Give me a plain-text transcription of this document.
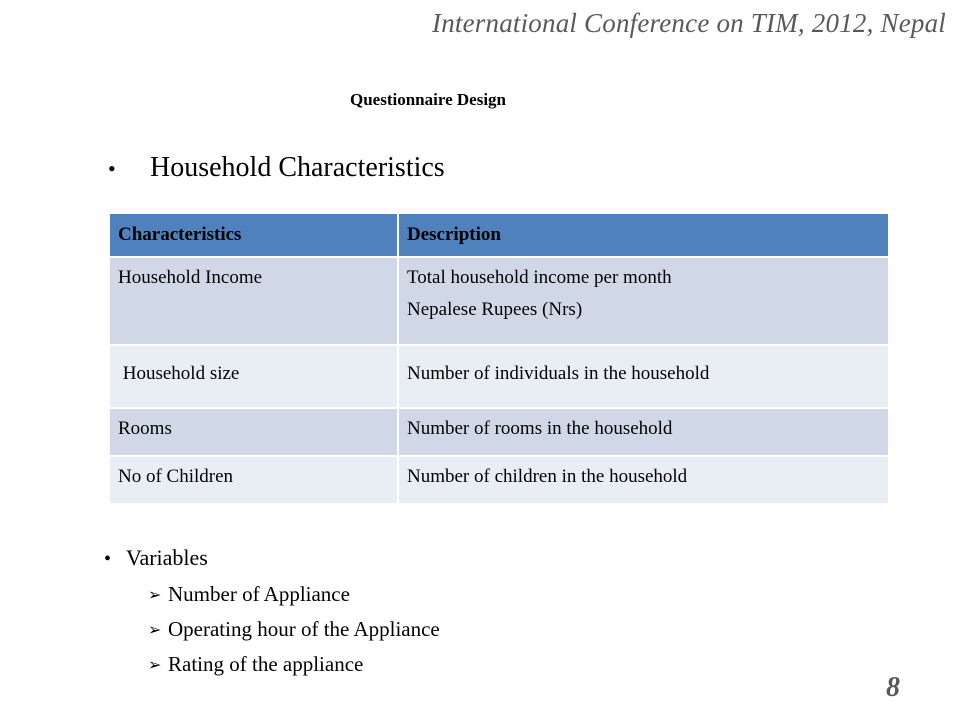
International Conference on TIM, 2012, Nepal
Questionnaire Design
•	Household Characteristics
Characteristics	Description
Household Income	Total household income per month
Nepalese Rupees (Nrs)

Household size	Number of individuals in the household
Rooms	Number of rooms in the household
No of Children	Number of children in the household
• Variables
➢ Number of Appliance
➢ Operating hour of the Appliance
➢ Rating of the appliance
8
